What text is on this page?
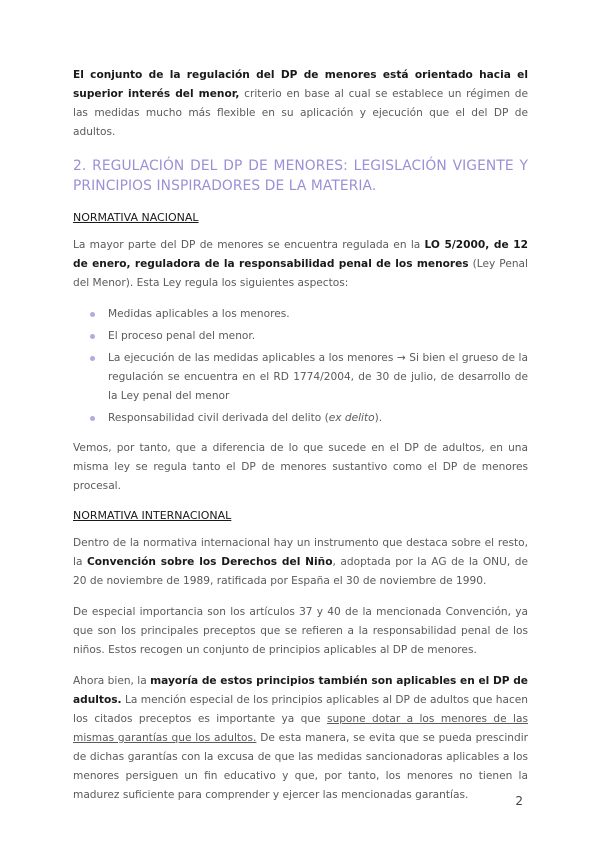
El conjunto de la regulación del DP de menores está orientado hacia el superior interés del menor, criterio en base al cual se establece un régimen de las medidas mucho más flexible en su aplicación y ejecución que el del DP de adultos.

2. REGULACIÓN DEL DP DE MENORES: LEGISLACIÓN VIGENTE Y PRINCIPIOS INSPIRADORES DE LA MATERIA.
NORMATIVA NACIONAL

La mayor parte del DP de menores se encuentra regulada en la LO 5/2000, de 12 de enero, reguladora de la responsabilidad penal de los menores (Ley Penal del Menor). Esta Ley regula los siguientes aspectos:

Medidas aplicables a los menores.
El proceso penal del menor.
La ejecución de las medidas aplicables a los menores → Si bien el grueso de la regulación se encuentra en el RD 1774/2004, de 30 de julio, de desarrollo de la Ley penal del menor
Responsabilidad civil derivada del delito (ex delito).

Vemos, por tanto, que a diferencia de lo que sucede en el DP de adultos, en una misma ley se regula tanto el DP de menores sustantivo como el DP de menores procesal.

NORMATIVA INTERNACIONAL

Dentro de la normativa internacional hay un instrumento que destaca sobre el resto, la Convención sobre los Derechos del Niño, adoptada por la AG de la ONU, de 20 de noviembre de 1989, ratificada por España el 30 de noviembre de 1990.

De especial importancia son los artículos 37 y 40 de la mencionada Convención, ya que son los principales preceptos que se refieren a la responsabilidad penal de los niños. Estos recogen un conjunto de principios aplicables al DP de menores.

Ahora bien, la mayoría de estos principios también son aplicables en el DP de adultos. La mención especial de los principios aplicables al DP de adultos que hacen los citados preceptos es importante ya que supone dotar a los menores de las mismas garantías que los adultos. De esta manera, se evita que se pueda prescindir de dichas garantías con la excusa de que las medidas sancionadoras aplicables a los menores persiguen un fin educativo y que, por tanto, los menores no tienen la madurez suficiente para comprender y ejercer las mencionadas garantías.	2
